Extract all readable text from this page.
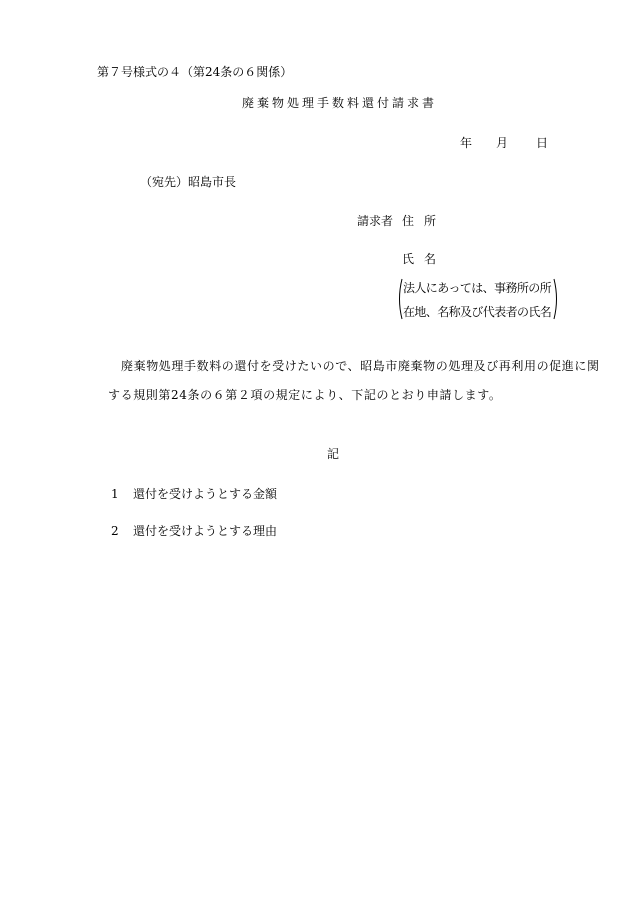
第７号様式の４（第24条の６関係）
廃棄物処理手数料還付請求書
年 月 日
（宛先）昭島市長
請求者 住所
氏名
法人にあっては、事務所の所
在地、名称及び代表者の氏名
廃棄物処理手数料の還付を受けたいので、昭島市廃棄物の処理及び再利用の促進に関
する規則第24条の６第２項の規定により、下記のとおり申請します。
記
1 還付を受けようとする金額
2 還付を受けようとする理由
